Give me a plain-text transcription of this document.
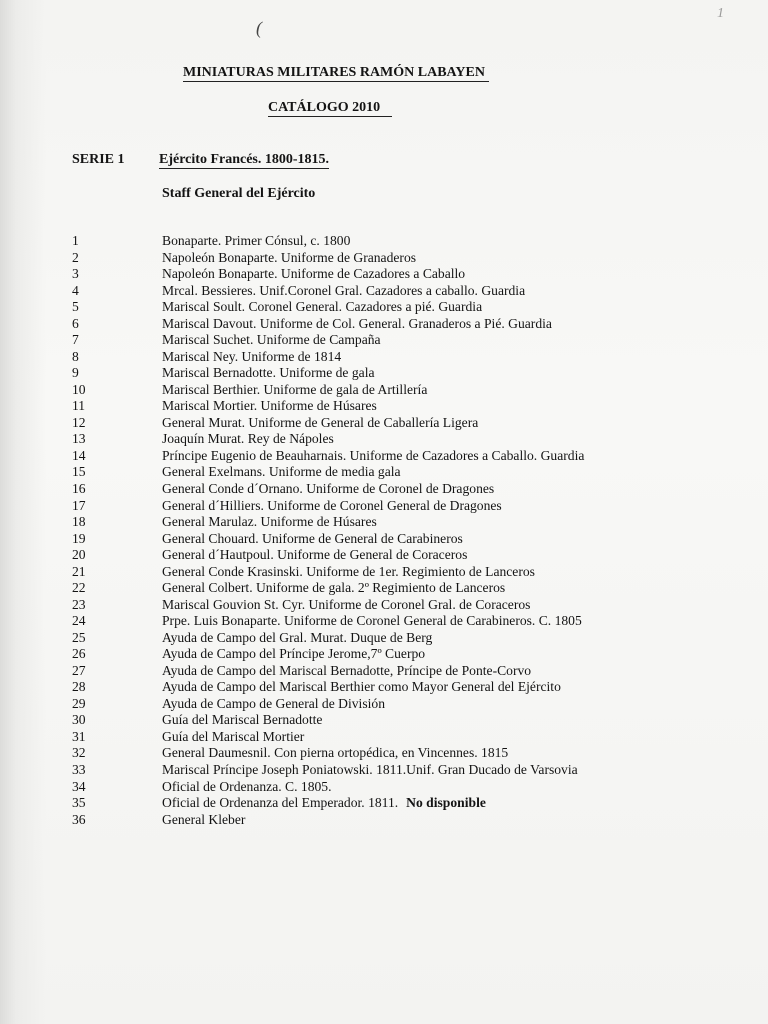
1
(
MINIATURAS MILITARES RAMÓN LABAYEN
CATÁLOGO 2010
SERIE 1 Ejército Francés. 1800-1815.
Staff General del Ejército
1	Bonaparte. Primer Cónsul, c. 1800
2	Napoleón Bonaparte. Uniforme de Granaderos
3	Napoleón Bonaparte. Uniforme de Cazadores a Caballo
4	Mrcal. Bessieres. Unif.Coronel Gral. Cazadores a caballo. Guardia
5	Mariscal Soult. Coronel General. Cazadores a pié. Guardia
6	Mariscal Davout. Uniforme de Col. General. Granaderos a Pié. Guardia
7	Mariscal Suchet. Uniforme de Campaña
8	Mariscal Ney. Uniforme de 1814
9	Mariscal Bernadotte. Uniforme de gala
10	Mariscal Berthier. Uniforme de gala de Artillería
11	Mariscal Mortier. Uniforme de Húsares
12	General Murat. Uniforme de General de Caballería Ligera
13	Joaquín Murat. Rey de Nápoles
14	Príncipe Eugenio de Beauharnais. Uniforme de Cazadores a Caballo. Guardia
15	General Exelmans. Uniforme de media gala
16	General Conde d´Ornano. Uniforme de Coronel de Dragones
17	General d´Hilliers. Uniforme de Coronel General de Dragones
18	General Marulaz. Uniforme de Húsares
19	General Chouard. Uniforme de General de Carabineros
20	General d´Hautpoul. Uniforme de General de Coraceros
21	General Conde Krasinski. Uniforme de 1er. Regimiento de Lanceros
22	General Colbert. Uniforme de gala. 2º Regimiento de Lanceros
23	Mariscal Gouvion St. Cyr. Uniforme de Coronel Gral. de Coraceros
24	Prpe. Luis Bonaparte. Uniforme de Coronel General de Carabineros. C. 1805
25	Ayuda de Campo del Gral. Murat. Duque de Berg
26	Ayuda de Campo del Príncipe Jerome,7º Cuerpo
27	Ayuda de Campo del Mariscal Bernadotte, Príncipe de Ponte-Corvo
28	Ayuda de Campo del Mariscal Berthier como Mayor General del Ejército
29	Ayuda de Campo de General de División
30	Guía del Mariscal Bernadotte
31	Guía del Mariscal Mortier
32	General Daumesnil. Con pierna ortopédica, en Vincennes. 1815
33	Mariscal Príncipe Joseph Poniatowski. 1811.Unif. Gran Ducado de Varsovia
34	Oficial de Ordenanza. C. 1805.
35	Oficial de Ordenanza del Emperador. 1811. No disponible
36	General Kleber
